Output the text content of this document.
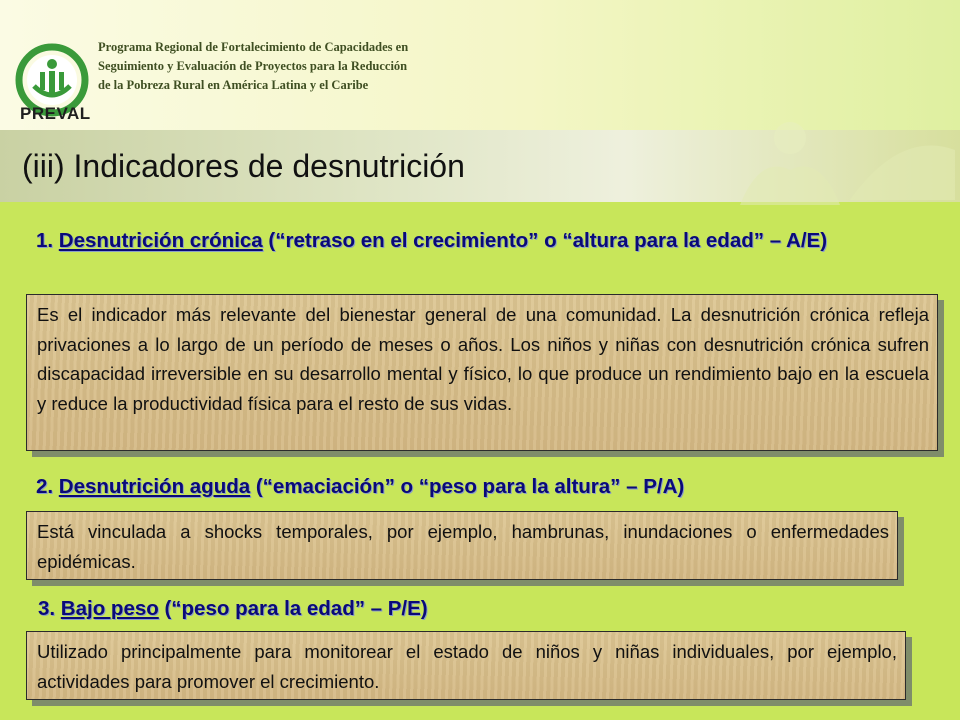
PREVAL
Programa Regional de Fortalecimiento de Capacidades en
Seguimiento y Evaluación de Proyectos para la Reducción
de la Pobreza Rural en América Latina y el Caribe
(iii) Indicadores de desnutrición
1. Desnutrición crónica (“retraso en el crecimiento” o “altura para la edad” – A/E)
Es el indicador más relevante del bienestar general de una comunidad. La desnutrición crónica refleja privaciones a lo largo de un período de meses o años. Los niños y niñas con desnutrición crónica sufren discapacidad irreversible en su desarrollo mental y físico, lo que produce un rendimiento bajo en la escuela y reduce la productividad física para el resto de sus vidas.
2. Desnutrición aguda (“emaciación” o “peso para la altura” – P/A)
Está vinculada a shocks temporales, por ejemplo, hambrunas, inundaciones o enfermedades epidémicas.
3. Bajo peso (“peso para la edad” – P/E)
Utilizado principalmente para monitorear el estado de niños y niñas individuales, por ejemplo, actividades para promover el crecimiento.
